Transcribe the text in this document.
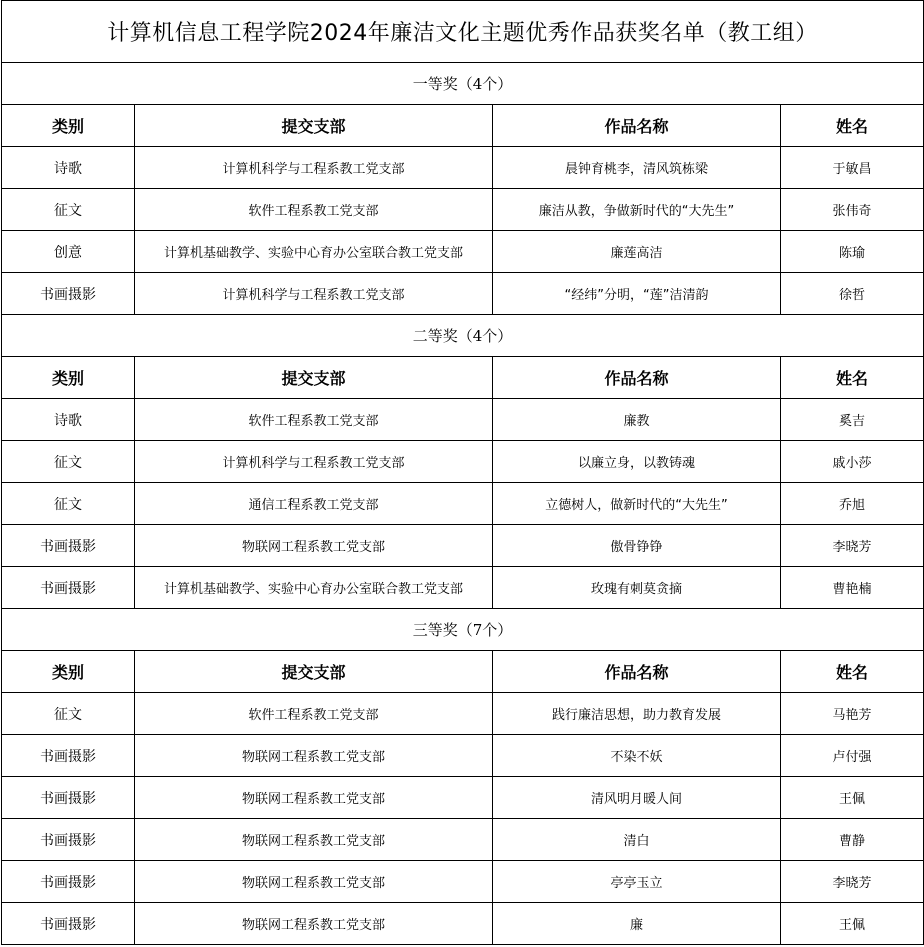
计算机信息工程学院2024年廉洁文化主题优秀作品获奖名单（教工组）			
一等奖（4个）			
类别	提交支部	作品名称	姓名
诗歌	计算机科学与工程系教工党支部	晨钟育桃李，清风筑栋梁	于敏昌
征文	软件工程系教工党支部	廉洁从教，争做新时代的“大先生”	张伟奇
创意	计算机基础教学、实验中心育办公室联合教工党支部	廉莲高洁	陈瑜
书画摄影	计算机科学与工程系教工党支部	“经纬”分明，“莲”洁清韵	徐哲
二等奖（4个）			
类别	提交支部	作品名称	姓名
诗歌	软件工程系教工党支部	廉教	奚吉
征文	计算机科学与工程系教工党支部	以廉立身，以教铸魂	戚小莎
征文	通信工程系教工党支部	立德树人，做新时代的“大先生”	乔旭
书画摄影	物联网工程系教工党支部	傲骨铮铮	李晓芳
书画摄影	计算机基础教学、实验中心育办公室联合教工党支部	玫瑰有刺莫贪摘	曹艳楠
三等奖（7个）			
类别	提交支部	作品名称	姓名
征文	软件工程系教工党支部	践行廉洁思想，助力教育发展	马艳芳
书画摄影	物联网工程系教工党支部	不染不妖	卢付强
书画摄影	物联网工程系教工党支部	清风明月暖人间	王佩
书画摄影	物联网工程系教工党支部	清白	曹静
书画摄影	物联网工程系教工党支部	亭亭玉立	李晓芳
书画摄影	物联网工程系教工党支部	廉	王佩
